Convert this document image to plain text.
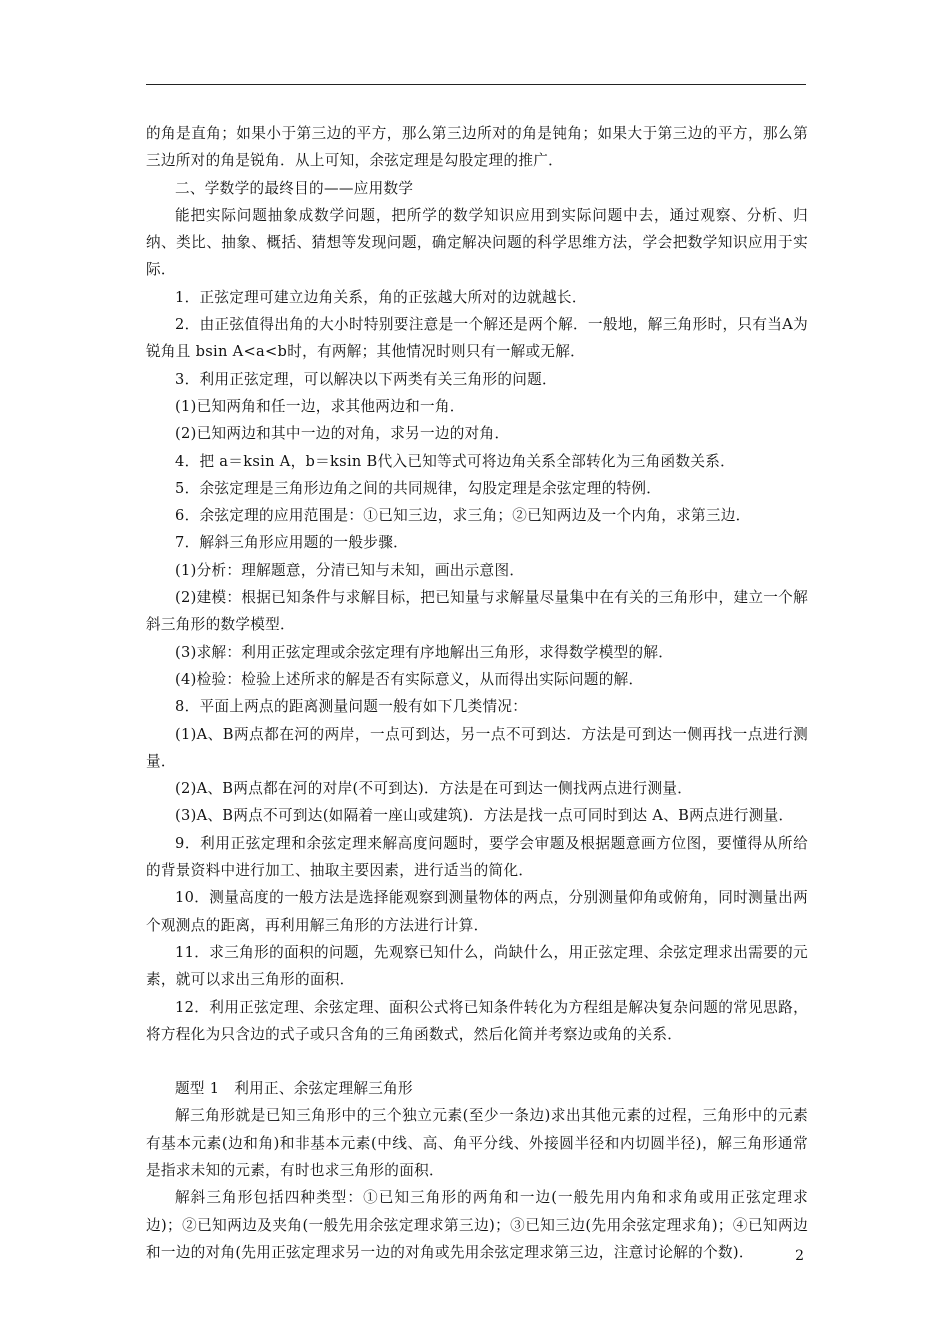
的角是直角；如果小于第三边的平方，那么第三边所对的角是钝角；如果大于第三边的平方，那么第三边所对的角是锐角．从上可知，余弦定理是勾股定理的推广．

二、学数学的最终目的——应用数学

能把实际问题抽象成数学问题，把所学的数学知识应用到实际问题中去，通过观察、分析、归纳、类比、抽象、概括、猜想等发现问题，确定解决问题的科学思维方法，学会把数学知识应用于实际．

1．正弦定理可建立边角关系，角的正弦越大所对的边就越长．

2．由正弦值得出角的大小时特别要注意是一个解还是两个解．一般地，解三角形时，只有当A为锐角且 bsin A<a<b时，有两解；其他情况时则只有一解或无解．

3．利用正弦定理，可以解决以下两类有关三角形的问题．

(1)已知两角和任一边，求其他两边和一角．

(2)已知两边和其中一边的对角，求另一边的对角．

4．把 a＝ksin A，b＝ksin B代入已知等式可将边角关系全部转化为三角函数关系．

5．余弦定理是三角形边角之间的共同规律，勾股定理是余弦定理的特例．

6．余弦定理的应用范围是：①已知三边，求三角；②已知两边及一个内角，求第三边．

7．解斜三角形应用题的一般步骤．

(1)分析：理解题意，分清已知与未知，画出示意图．

(2)建模：根据已知条件与求解目标，把已知量与求解量尽量集中在有关的三角形中，建立一个解斜三角形的数学模型．

(3)求解：利用正弦定理或余弦定理有序地解出三角形，求得数学模型的解．

(4)检验：检验上述所求的解是否有实际意义，从而得出实际问题的解．

8．平面上两点的距离测量问题一般有如下几类情况：

(1)A、B两点都在河的两岸，一点可到达，另一点不可到达．方法是可到达一侧再找一点进行测量．

(2)A、B两点都在河的对岸(不可到达)．方法是在可到达一侧找两点进行测量．

(3)A、B两点不可到达(如隔着一座山或建筑)．方法是找一点可同时到达 A、B两点进行测量．

9．利用正弦定理和余弦定理来解高度问题时，要学会审题及根据题意画方位图，要懂得从所给的背景资料中进行加工、抽取主要因素，进行适当的简化．

10．测量高度的一般方法是选择能观察到测量物体的两点，分别测量仰角或俯角，同时测量出两个观测点的距离，再利用解三角形的方法进行计算．

11．求三角形的面积的问题，先观察已知什么，尚缺什么，用正弦定理、余弦定理求出需要的元素，就可以求出三角形的面积．

12．利用正弦定理、余弦定理、面积公式将已知条件转化为方程组是解决复杂问题的常见思路，将方程化为只含边的式子或只含角的三角函数式，然后化简并考察边或角的关系．

题型 1　利用正、余弦定理解三角形

解三角形就是已知三角形中的三个独立元素(至少一条边)求出其他元素的过程，三角形中的元素有基本元素(边和角)和非基本元素(中线、高、角平分线、外接圆半径和内切圆半径)，解三角形通常是指求未知的元素，有时也求三角形的面积．

解斜三角形包括四种类型：①已知三角形的两角和一边(一般先用内角和求角或用正弦定理求边)；②已知两边及夹角(一般先用余弦定理求第三边)；③已知三边(先用余弦定理求角)；④已知两边和一边的对角(先用正弦定理求另一边的对角或先用余弦定理求第三边，注意讨论解的个数)．	2
